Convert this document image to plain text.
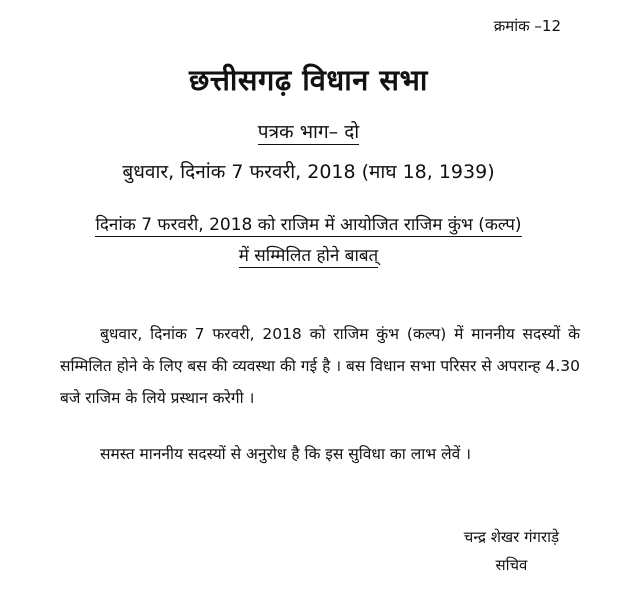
क्रमांक –12
छत्तीसगढ़ विधान सभा
पत्रक भाग– दो
बुधवार, दिनांक 7 फरवरी, 2018 (माघ 18, 1939)
दिनांक 7 फरवरी, 2018 को राजिम में आयोजित राजिम कुंभ (कल्प)
में सम्मिलित होने बाबत्
बुधवार, दिनांक 7 फरवरी, 2018 को राजिम कुंभ (कल्प) में माननीय सदस्यों के सम्मिलित होने के लिए बस की व्यवस्था की गई है । बस विधान सभा परिसर से अपरान्ह 4.30 बजे राजिम के लिये प्रस्थान करेगी ।
समस्त माननीय सदस्यों से अनुरोध है कि इस सुविधा का लाभ लेवें ।
चन्द्र शेखर गंगराड़े
सचिव
